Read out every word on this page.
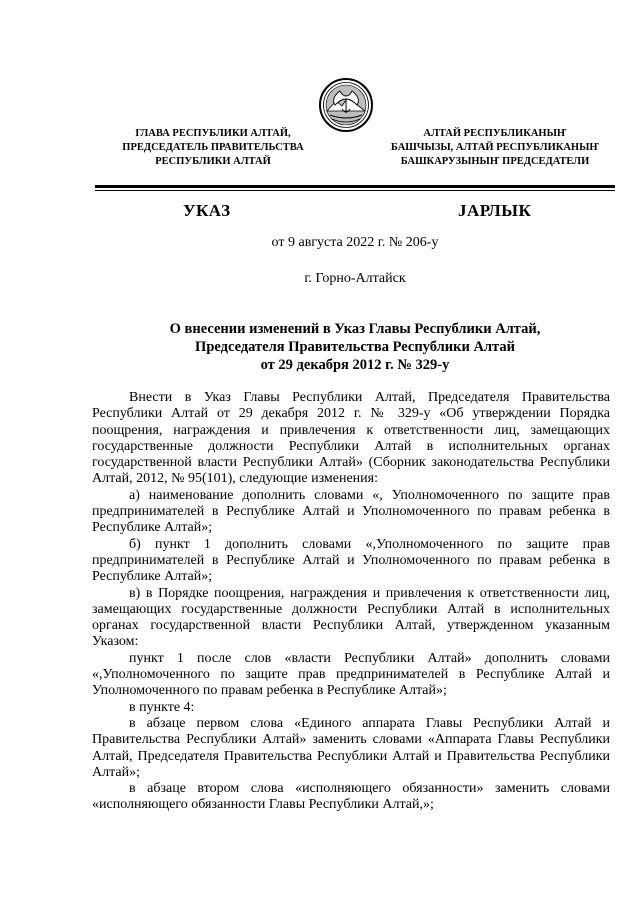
ГЛАВА РЕСПУБЛИКИ АЛТАЙ,
ПРЕДСЕДАТЕЛЬ ПРАВИТЕЛЬСТВА
РЕСПУБЛИКИ АЛТАЙ
АЛТАЙ РЕСПУБЛИКАНЫҤ
БАШЧЫЗЫ, АЛТАЙ РЕСПУБЛИКАНЫҤ
БАШКАРУЗЫНЫҤ ПРЕДСЕДАТЕЛИ
УКАЗ	ЈАРЛЫК
от 9 августа 2022 г. № 206-у
г. Горно-Алтайск
О внесении изменений в Указ Главы Республики Алтай,
Председателя Правительства Республики Алтай
от 29 декабря 2012 г. № 329-у

Внести в Указ Главы Республики Алтай, Председателя Правительства Республики Алтай от 29 декабря 2012 г. № 329-у «Об утверждении Порядка поощрения, награждения и привлечения к ответственности лиц, замещающих государственные должности Республики Алтай в исполнительных органах государственной власти Республики Алтай» (Сборник законодательства Республики Алтай, 2012, № 95(101), следующие изменения:

а) наименование дополнить словами «, Уполномоченного по защите прав предпринимателей в Республике Алтай и Уполномоченного по правам ребенка в Республике Алтай»;

б) пункт 1 дополнить словами «,Уполномоченного по защите прав предпринимателей в Республике Алтай и Уполномоченного по правам ребенка в Республике Алтай»;

в) в Порядке поощрения, награждения и привлечения к ответственности лиц, замещающих государственные должности Республики Алтай в исполнительных органах государственной власти Республики Алтай, утвержденном указанным Указом:

пункт 1 после слов «власти Республики Алтай» дополнить словами «,Уполномоченного по защите прав предпринимателей в Республике Алтай и Уполномоченного по правам ребенка в Республике Алтай»;

в пункте 4:

в абзаце первом слова «Единого аппарата Главы Республики Алтай и Правительства Республики Алтай» заменить словами «Аппарата Главы Республики Алтай, Председателя Правительства Республики Алтай и Правительства Республики Алтай»;

в абзаце втором слова «исполняющего обязанности» заменить словами «исполняющего обязанности Главы Республики Алтай,»;
